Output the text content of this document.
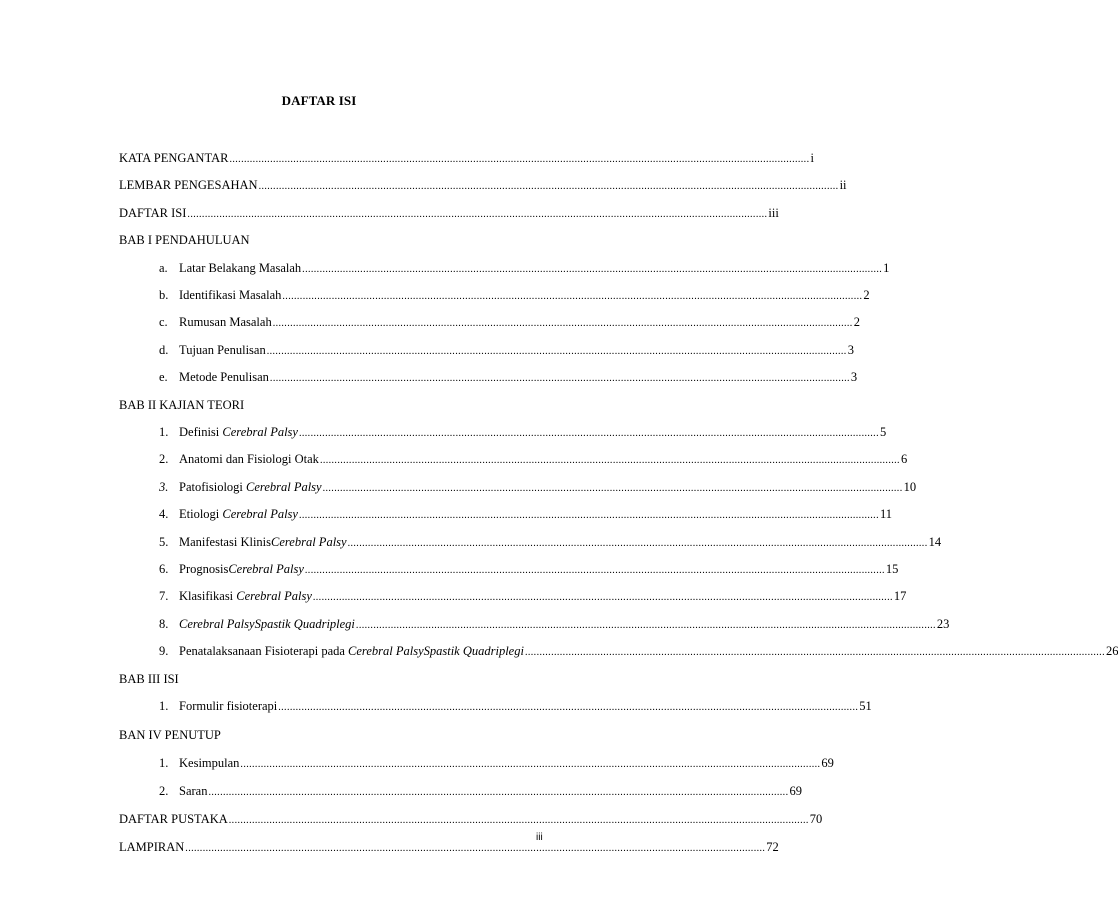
DAFTAR ISI
KATA PENGANTAR ........................................................................................................................................................................................................ i
LEMBAR PENGESAHAN ........................................................................................................................................................................................................ ii
DAFTAR ISI ........................................................................................................................................................................................................ iii
BAB I PENDAHULUAN
a. Latar Belakang Masalah ........................................................................................................................................................................................................ 1
b. Identifikasi Masalah ........................................................................................................................................................................................................ 2
c. Rumusan Masalah ........................................................................................................................................................................................................ 2
d. Tujuan Penulisan ........................................................................................................................................................................................................ 3
e. Metode Penulisan ........................................................................................................................................................................................................ 3
BAB II KAJIAN TEORI
1. Definisi Cerebral Palsy ........................................................................................................................................................................................................ 5
2. Anatomi dan Fisiologi Otak ........................................................................................................................................................................................................ 6
3. Patofisiologi Cerebral Palsy ........................................................................................................................................................................................................ 10
4. Etiologi Cerebral Palsy ........................................................................................................................................................................................................ 11
5. Manifestasi KlinisCerebral Palsy ........................................................................................................................................................................................................ 14
6. PrognosisCerebral Palsy ........................................................................................................................................................................................................ 15
7. Klasifikasi Cerebral Palsy ........................................................................................................................................................................................................ 17
8. Cerebral PalsySpastik Quadriplegi ........................................................................................................................................................................................................ 23
9. Penatalaksanaan Fisioterapi pada Cerebral PalsySpastik Quadriplegi ........................................................................................................................................................................................................ 26
BAB III ISI
1. Formulir fisioterapi ........................................................................................................................................................................................................ 51
BAN IV PENUTUP
1. Kesimpulan ........................................................................................................................................................................................................ 69
2. Saran ........................................................................................................................................................................................................ 69
DAFTAR PUSTAKA ........................................................................................................................................................................................................ 70
LAMPIRAN ........................................................................................................................................................................................................ 72
iii
